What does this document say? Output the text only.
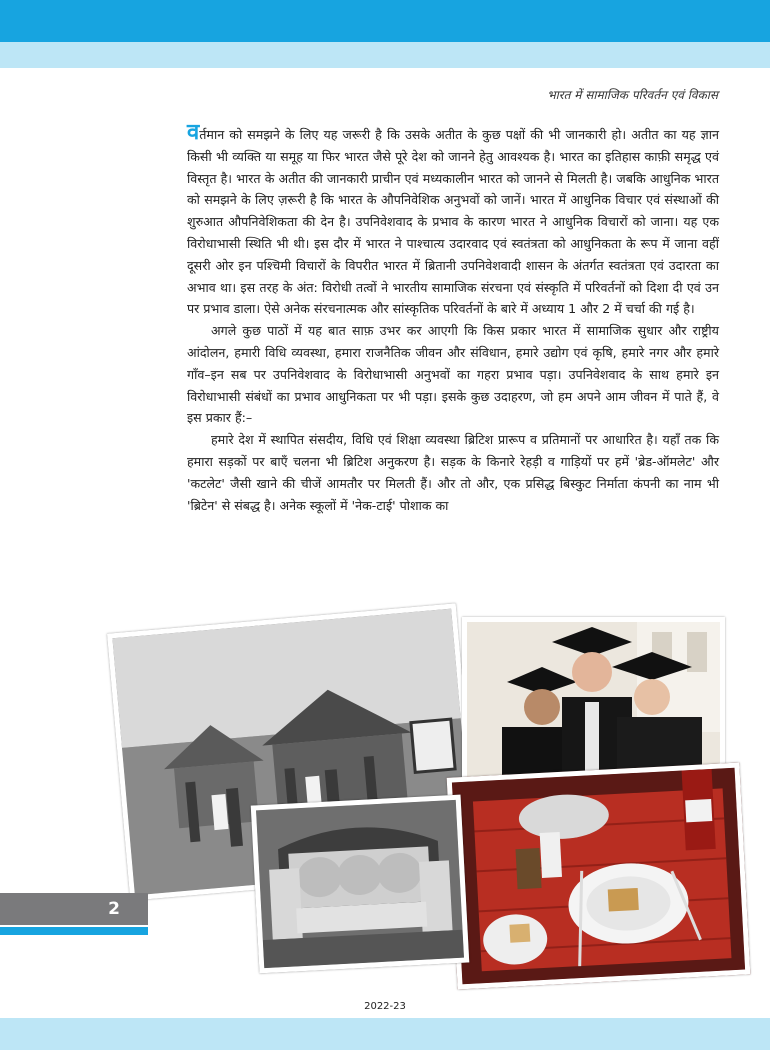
भारत में सामाजिक परिवर्तन एवं विकास

वर्तमान को समझने के लिए यह जरूरी है कि उसके अतीत के कुछ पक्षों की भी जानकारी हो। अतीत का यह ज्ञान किसी भी व्यक्ति या समूह या फिर भारत जैसे पूरे देश को जानने हेतु आवश्यक है। भारत का इतिहास काफ़ी समृद्ध एवं विस्तृत है। भारत के अतीत की जानकारी प्राचीन एवं मध्यकालीन भारत को जानने से मिलती है। जबकि आधुनिक भारत को समझने के लिए ज़रूरी है कि भारत के औपनिवेशिक अनुभवों को जानें। भारत में आधुनिक विचार एवं संस्थाओं की शुरुआत औपनिवेशिकता की देन है। उपनिवेशवाद के प्रभाव के कारण भारत ने आधुनिक विचारों को जाना। यह एक विरोधाभासी स्थिति भी थी। इस दौर में भारत ने पाश्चात्य उदारवाद एवं स्वतंत्रता को आधुनिकता के रूप में जाना वहीं दूसरी ओर इन पश्चिमी विचारों के विपरीत भारत में ब्रितानी उपनिवेशवादी शासन के अंतर्गत स्वतंत्रता एवं उदारता का अभाव था। इस तरह के अंत: विरोधी तत्वों ने भारतीय सामाजिक संरचना एवं संस्कृति में परिवर्तनों को दिशा दी एवं उन पर प्रभाव डाला। ऐसे अनेक संरचनात्मक और सांस्कृतिक परिवर्तनों के बारे में अध्याय 1 और 2 में चर्चा की गई है।

अगले कुछ पाठों में यह बात साफ़ उभर कर आएगी कि किस प्रकार भारत में सामाजिक सुधार और राष्ट्रीय आंदोलन, हमारी विधि व्यवस्था, हमारा राजनैतिक जीवन और संविधान, हमारे उद्योग एवं कृषि, हमारे नगर और हमारे गाँव–इन सब पर उपनिवेशवाद के विरोधाभासी अनुभवों का गहरा प्रभाव पड़ा। उपनिवेशवाद के साथ हमारे इन विरोधाभासी संबंधों का प्रभाव आधुनिकता पर भी पड़ा। इसके कुछ उदाहरण, जो हम अपने आम जीवन में पाते हैं, वे इस प्रकार हैं:–

हमारे देश में स्थापित संसदीय, विधि एवं शिक्षा व्यवस्था ब्रिटिश प्रारूप व प्रतिमानों पर आधारित है। यहाँ तक कि हमारा सड़कों पर बाएँ चलना भी ब्रिटिश अनुकरण है। सड़क के किनारे रेहड़ी व गाड़ियों पर हमें 'ब्रेड-ऑमलेट' और 'कटलेट' जैसी खाने की चीजें आमतौर पर मिलती हैं। और तो और, एक प्रसिद्ध बिस्कुट निर्माता कंपनी का नाम भी 'ब्रिटेन' से संबद्ध है। अनेक स्कूलों में 'नेक-टाई' पोशाक का

2
2022-23
